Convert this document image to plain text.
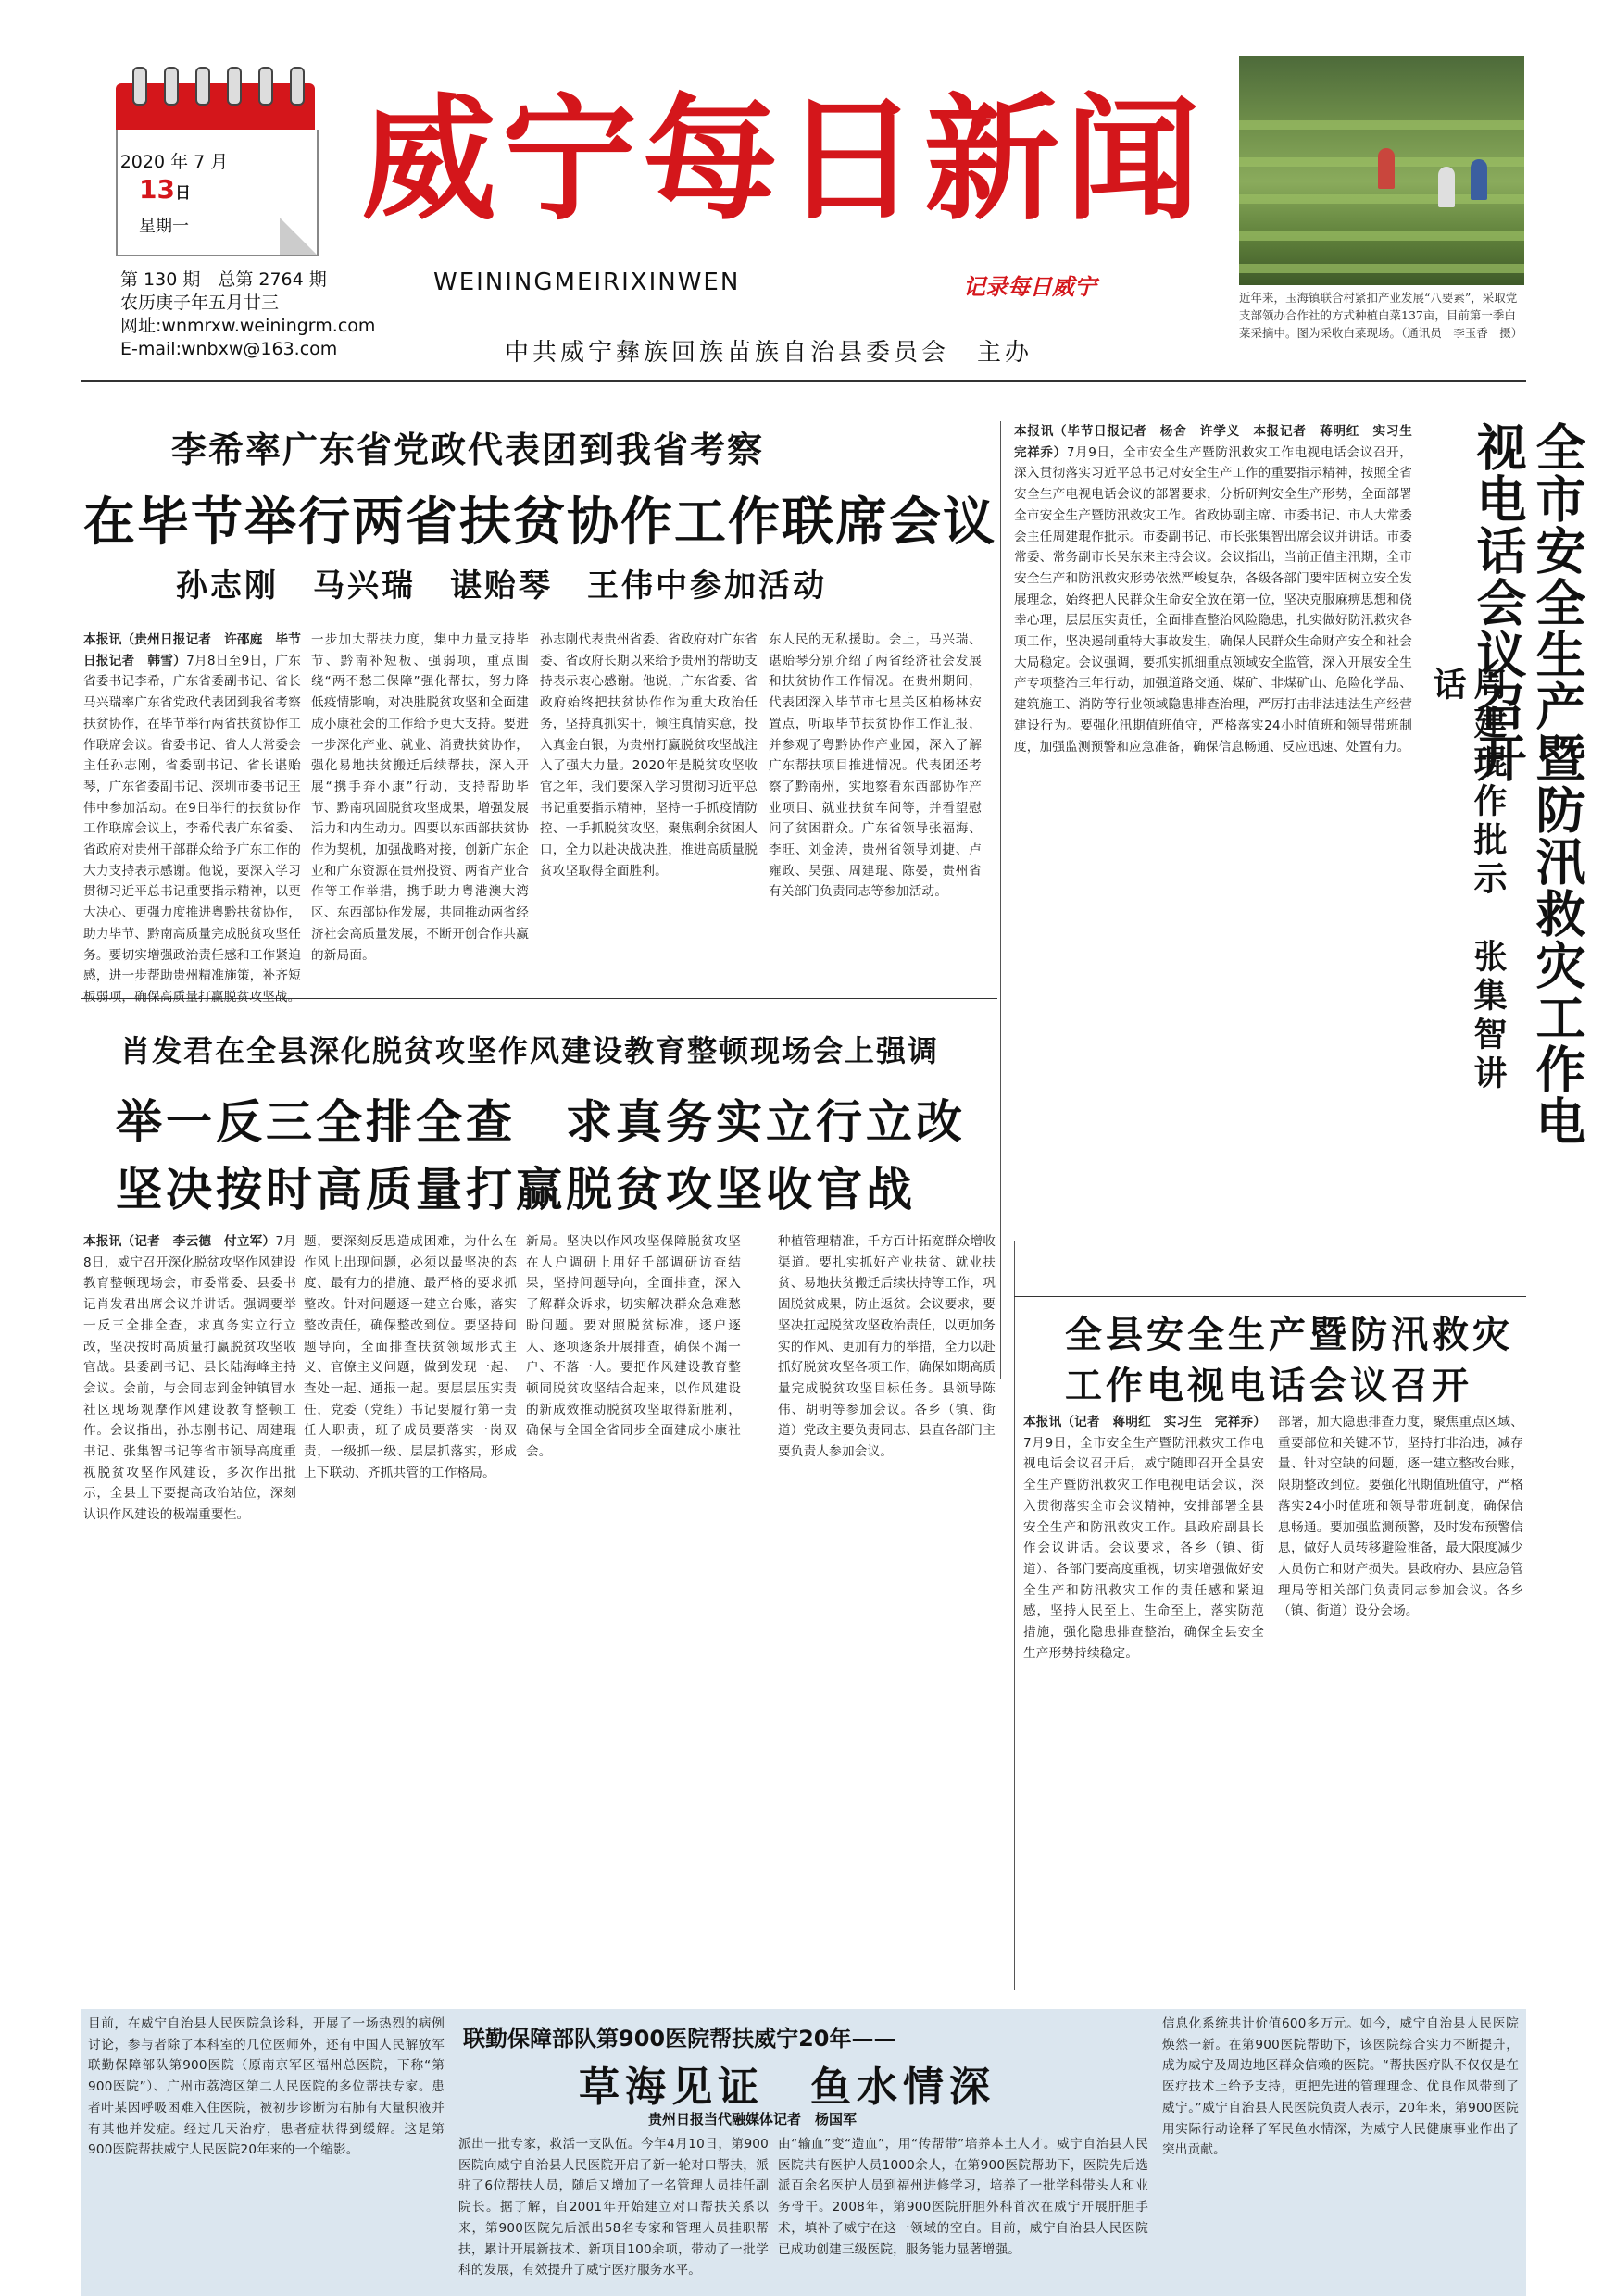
2020 年 7 月
13日
星期一 威宁每日新闻
第 130 期　总第 2764 期
农历庚子年五月廿三
网址:wnmrxw.weiningrm.com
E-mail:wnbxw@163.com
WEININGMEIRIXINWEN	记录每日威宁
中共威宁彝族回族苗族自治县委员会　主办
近年来，玉海镇联合村紧扣产业发展“八要素”，采取党支部领办合作社的方式种植白菜137亩，目前第一季白菜采摘中。图为采收白菜现场。（通讯员　李玉香　摄）
李希率广东省党政代表团到我省考察
在毕节举行两省扶贫协作工作联席会议
孙志刚　马兴瑞　谌贻琴　王伟中参加活动

本报讯（贵州日报记者　许邵庭　毕节日报记者　韩雪）7月8日至9日，广东省委书记李希，广东省委副书记、省长马兴瑞率广东省党政代表团到我省考察扶贫协作，在毕节举行两省扶贫协作工作联席会议。省委书记、省人大常委会主任孙志刚，省委副书记、省长谌贻琴，广东省委副书记、深圳市委书记王伟中参加活动。在9日举行的扶贫协作工作联席会议上，李希代表广东省委、省政府对贵州干部群众给予广东工作的大力支持表示感谢。他说，要深入学习贯彻习近平总书记重要指示精神，以更大决心、更强力度推进粤黔扶贫协作，助力毕节、黔南高质量完成脱贫攻坚任务。要切实增强政治责任感和工作紧迫感，进一步帮助贵州精准施策，补齐短板弱项，确保高质量打赢脱贫攻坚战。

一步加大帮扶力度，集中力量支持毕节、黔南补短板、强弱项，重点围绕“两不愁三保障”强化帮扶，努力降低疫情影响，对决胜脱贫攻坚和全面建成小康社会的工作给予更大支持。要进一步深化产业、就业、消费扶贫协作，强化易地扶贫搬迁后续帮扶，深入开展“携手奔小康”行动，支持帮助毕节、黔南巩固脱贫攻坚成果，增强发展活力和内生动力。四要以东西部扶贫协作为契机，加强战略对接，创新广东企业和广东资源在贵州投资、两省产业合作等工作举措，携手助力粤港澳大湾区、东西部协作发展，共同推动两省经济社会高质量发展，不断开创合作共赢的新局面。
孙志刚代表贵州省委、省政府对广东省委、省政府长期以来给予贵州的帮助支持表示衷心感谢。他说，广东省委、省政府始终把扶贫协作作为重大政治任务，坚持真抓实干，倾注真情实意，投入真金白银，为贵州打赢脱贫攻坚战注入了强大力量。2020年是脱贫攻坚收官之年，我们要深入学习贯彻习近平总书记重要指示精神，坚持一手抓疫情防控、一手抓脱贫攻坚，聚焦剩余贫困人口，全力以赴决战决胜，推进高质量脱贫攻坚取得全面胜利。
东人民的无私援助。会上，马兴瑞、谌贻琴分别介绍了两省经济社会发展和扶贫协作工作情况。在贵州期间，代表团深入毕节市七星关区柏杨林安置点，听取毕节扶贫协作工作汇报，并参观了粤黔协作产业园，深入了解广东帮扶项目推进情况。代表团还考察了黔南州，实地察看东西部协作产业项目、就业扶贫车间等，并看望慰问了贫困群众。广东省领导张福海、李旺、刘金涛，贵州省领导刘捷、卢雍政、吴强、周建琨、陈晏，贵州省有关部门负责同志等参加活动。

本报讯（毕节日报记者　杨舍　许学义　本报记者　蒋明红　实习生　完祥乔）7月9日，全市安全生产暨防汛救灾工作电视电话会议召开，深入贯彻落实习近平总书记对安全生产工作的重要指示精神，按照全省安全生产电视电话会议的部署要求，分析研判安全生产形势，全面部署全市安全生产暨防汛救灾工作。省政协副主席、市委书记、市人大常委会主任周建琨作批示。市委副书记、市长张集智出席会议并讲话。市委常委、常务副市长吴东来主持会议。会议指出，当前正值主汛期，全市安全生产和防汛救灾形势依然严峻复杂，各级各部门要牢固树立安全发展理念，始终把人民群众生命安全放在第一位，坚决克服麻痹思想和侥幸心理，层层压实责任，全面排查整治风险隐患，扎实做好防汛救灾各项工作，坚决遏制重特大事故发生，确保人民群众生命财产安全和社会大局稳定。会议强调，要抓实抓细重点领域安全监管，深入开展安全生产专项整治三年行动，加强道路交通、煤矿、非煤矿山、危险化学品、建筑施工、消防等行业领域隐患排查治理，严厉打击非法违法生产经营建设行为。要强化汛期值班值守，严格落实24小时值班和领导带班制度，加强监测预警和应急准备，确保信息畅通、反应迅速、处置有力。	全市安全生产暨防汛救灾工作电视电话会议召开
周建琨作批示　张集智讲话
肖发君在全县深化脱贫攻坚作风建设教育整顿现场会上强调
举一反三全排全查　求真务实立行立改
坚决按时高质量打赢脱贫攻坚收官战

本报讯（记者　李云德　付立军）7月8日，威宁召开深化脱贫攻坚作风建设教育整顿现场会，市委常委、县委书记肖发君出席会议并讲话。强调要举一反三全排全查，求真务实立行立改，坚决按时高质量打赢脱贫攻坚收官战。县委副书记、县长陆海峰主持会议。会前，与会同志到金钟镇冒水社区现场观摩作风建设教育整顿工作。会议指出，孙志刚书记、周建琨书记、张集智书记等省市领导高度重视脱贫攻坚作风建设，多次作出批示，全县上下要提高政治站位，深刻认识作风建设的极端重要性。

题，要深刻反思造成困难，为什么在作风上出现问题，必须以最坚决的态度、最有力的措施、最严格的要求抓整改。针对问题逐一建立台账，落实整改责任，确保整改到位。要坚持问题导向，全面排查扶贫领域形式主义、官僚主义问题，做到发现一起、查处一起、通报一起。要层层压实责任，党委（党组）书记要履行第一责任人职责，班子成员要落实一岗双责，一级抓一级、层层抓落实，形成上下联动、齐抓共管的工作格局。
新局。坚决以作风攻坚保障脱贫攻坚在人户调研上用好千部调研访查结果，坚持问题导向，全面排查，深入了解群众诉求，切实解决群众急难愁盼问题。要对照脱贫标准，逐户逐人、逐项逐条开展排查，确保不漏一户、不落一人。要把作风建设教育整顿同脱贫攻坚结合起来，以作风建设的新成效推动脱贫攻坚取得新胜利，确保与全国全省同步全面建成小康社会。
种植管理精准，千方百计拓宽群众增收渠道。要扎实抓好产业扶贫、就业扶贫、易地扶贫搬迁后续扶持等工作，巩固脱贫成果，防止返贫。会议要求，要坚决扛起脱贫攻坚政治责任，以更加务实的作风、更加有力的举措，全力以赴抓好脱贫攻坚各项工作，确保如期高质量完成脱贫攻坚目标任务。县领导陈伟、胡明等参加会议。各乡（镇、街道）党政主要负责同志、县直各部门主要负责人参加会议。
全县安全生产暨防汛救灾
工作电视电话会议召开

本报讯（记者　蒋明红　实习生　完祥乔）7月9日，全市安全生产暨防汛救灾工作电视电话会议召开后，威宁随即召开全县安全生产暨防汛救灾工作电视电话会议，深入贯彻落实全市会议精神，安排部署全县安全生产和防汛救灾工作。县政府副县长作会议讲话。会议要求，各乡（镇、街道）、各部门要高度重视，切实增强做好安全生产和防汛救灾工作的责任感和紧迫感，坚持人民至上、生命至上，落实防范措施，强化隐患排查整治，确保全县安全生产形势持续稳定。

部署，加大隐患排查力度，聚焦重点区域、重要部位和关键环节，坚持打非治违，减存量、针对空缺的问题，逐一建立整改台账，限期整改到位。要强化汛期值班值守，严格落实24小时值班和领导带班制度，确保信息畅通。要加强监测预警，及时发布预警信息，做好人员转移避险准备，最大限度减少人员伤亡和财产损失。县政府办、县应急管理局等相关部门负责同志参加会议。各乡（镇、街道）设分会场。
目前，在威宁自治县人民医院急诊科，开展了一场热烈的病例讨论，参与者除了本科室的几位医师外，还有中国人民解放军联勤保障部队第900医院（原南京军区福州总医院，下称“第900医院”）、广州市荔湾区第二人民医院的多位帮扶专家。患者叶某因呼吸困难入住医院，被初步诊断为右肺有大量积液并有其他并发症。经过几天治疗，患者症状得到缓解。这是第900医院帮扶威宁人民医院20年来的一个缩影。
联勤保障部队第900医院帮扶威宁20年——
草海见证　鱼水情深
贵州日报当代融媒体记者　杨国军
派出一批专家，救活一支队伍。今年4月10日，第900医院向威宁自治县人民医院开启了新一轮对口帮扶，派驻了6位帮扶人员，随后又增加了一名管理人员挂任副院长。据了解，自2001年开始建立对口帮扶关系以来，第900医院先后派出58名专家和管理人员挂职帮扶，累计开展新技术、新项目100余项，带动了一批学科的发展，有效提升了威宁医疗服务水平。
由“输血”变“造血”，用“传帮带”培养本土人才。威宁自治县人民医院共有医护人员1000余人，在第900医院帮助下，医院先后选派百余名医护人员到福州进修学习，培养了一批学科带头人和业务骨干。2008年，第900医院肝胆外科首次在威宁开展肝胆手术，填补了威宁在这一领域的空白。目前，威宁自治县人民医院已成功创建三级医院，服务能力显著增强。
信息化系统共计价值600多万元。如今，威宁自治县人民医院焕然一新。在第900医院帮助下，该医院综合实力不断提升，成为威宁及周边地区群众信赖的医院。“帮扶医疗队不仅仅是在医疗技术上给予支持，更把先进的管理理念、优良作风带到了威宁。”威宁自治县人民医院负责人表示，20年来，第900医院用实际行动诠释了军民鱼水情深，为威宁人民健康事业作出了突出贡献。
